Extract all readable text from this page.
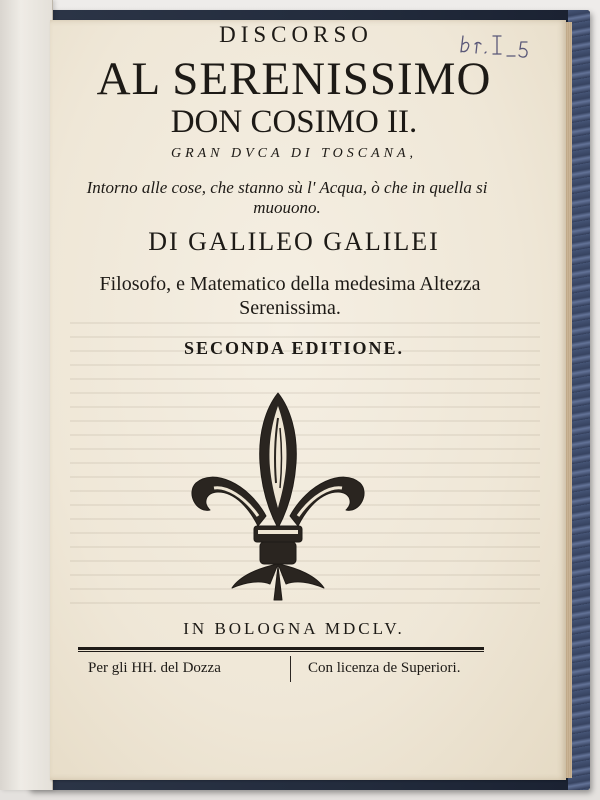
DISCORSO
AL SERENISSIMO
DON COSIMO II.
GRAN DVCA DI TOSCANA,
Intorno alle cose, che stanno sù l' Acqua, ò che in quella si muouono.
DI GALILEO GALILEI
Filosofo, e Matematico della medesima Altezza Serenissima.
SECONDA EDITIONE.
IN BOLOGNA MDCLV.
Per gli HH. del Dozza	Con licenza de Superiori.
